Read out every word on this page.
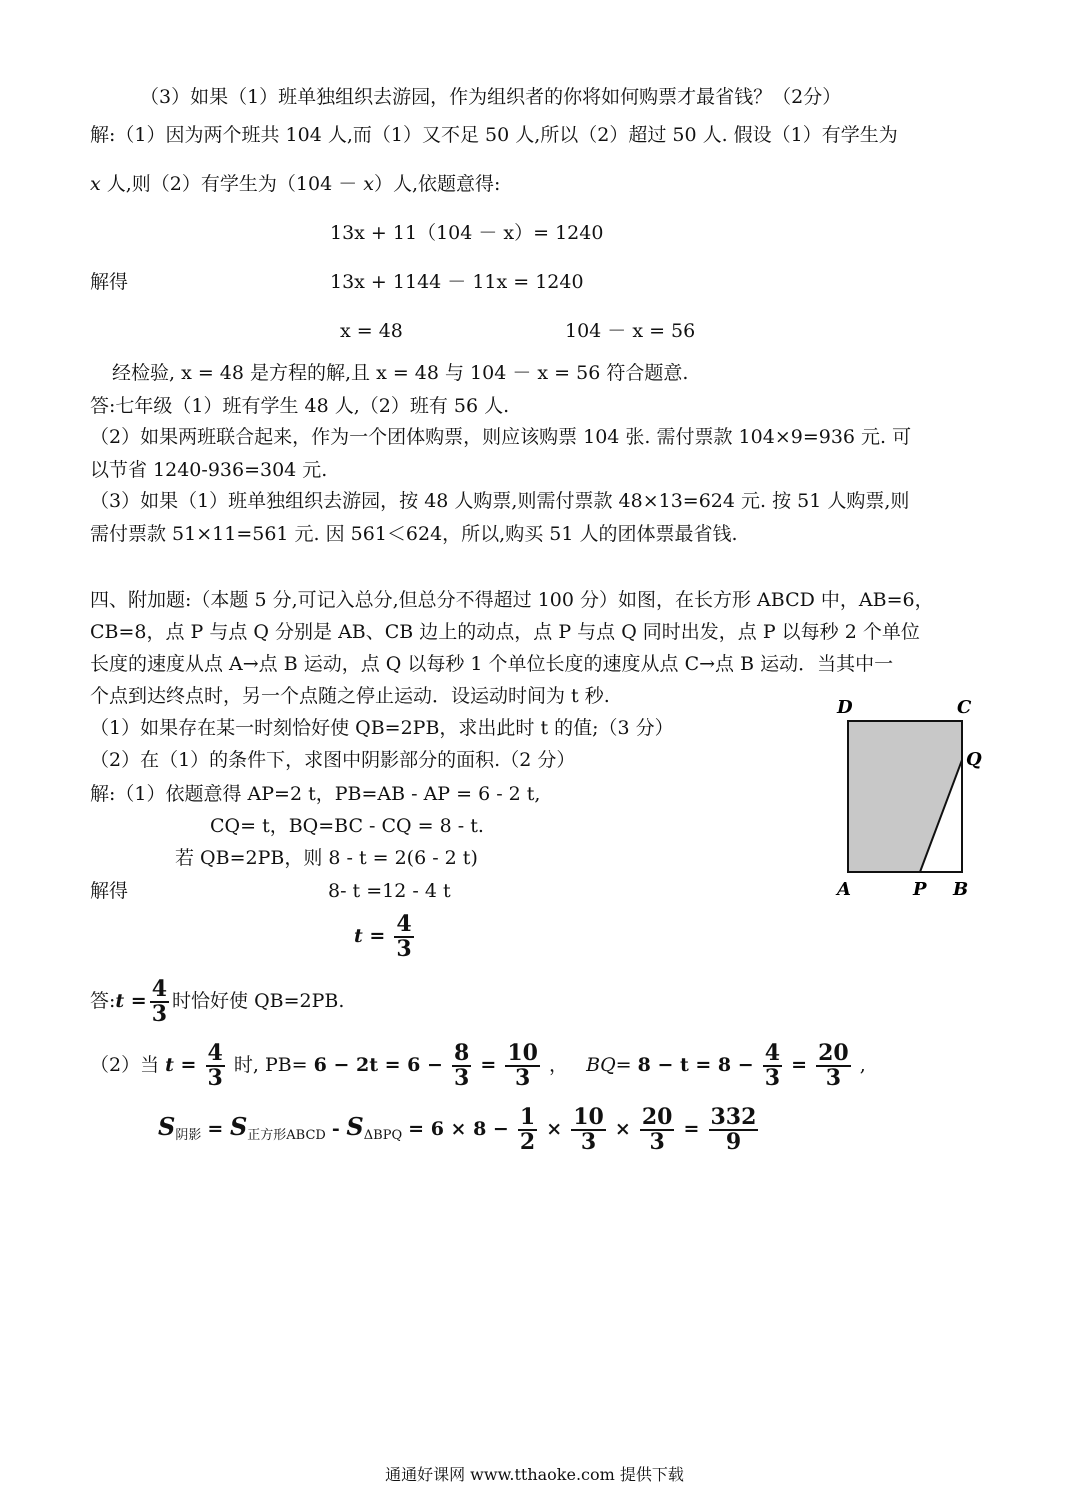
（3）如果（1）班单独组织去游园，作为组织者的你将如何购票才最省钱？（2分）
解:（1）因为两个班共 104 人,而（1）又不足 50 人,所以（2）超过 50 人. 假设（1）有学生为
x 人,则（2）有学生为（104 － x）人,依题意得:
13x + 11（104 － x）= 1240
解得	13x + 1144 － 11x = 1240
x = 48	104 － x = 56
经检验, x = 48 是方程的解,且 x = 48 与 104 － x = 56 符合题意.
答:七年级（1）班有学生 48 人,（2）班有 56 人.
（2）如果两班联合起来，作为一个团体购票，则应该购票 104 张. 需付票款 104×9=936 元. 可
以节省 1240-936=304 元.
（3）如果（1）班单独组织去游园，按 48 人购票,则需付票款 48×13=624 元. 按 51 人购票,则
需付票款 51×11=561 元. 因 561＜624，所以,购买 51 人的团体票最省钱.
四、附加题:（本题 5 分,可记入总分,但总分不得超过 100 分）如图，在长方形 ABCD 中，AB=6，
CB=8，点 P 与点 Q 分别是 AB、CB 边上的动点，点 P 与点 Q 同时出发，点 P 以每秒 2 个单位
长度的速度从点 A→点 B 运动，点 Q 以每秒 1 个单位长度的速度从点 C→点 B 运动．当其中一
个点到达终点时，另一个点随之停止运动．设运动时间为 t 秒.
（1）如果存在某一时刻恰好使 QB=2PB，求出此时 t 的值;（3 分）
（2）在（1）的条件下，求图中阴影部分的面积.（2 分）
解:（1）依题意得 AP=2 t，PB=AB - AP = 6 - 2 t,
CQ= t，BQ=BC - CQ = 8 - t.
若 QB=2PB，则 8 - t = 2(6 - 2 t)
解得	8- t =12 - 4 t
$t = \frac{4}{3}$
答:t = $\frac{4}{3}$ 时恰好使 QB=2PB.
（2）当 $t = \frac{4}{3}$ 时, $PB= 6 - 2t = 6 - \frac{8}{3} = \frac{10}{3}$ ，   $BQ= 8 - t = 8 - \frac{4}{3} = \frac{20}{3}$ ,
$S_{阴影} = S_{正方形ABCD} - S_{\Delta BPQ} = 6 \times 8 - \frac{1}{2} \times \frac{10}{3} \times \frac{20}{3} = \frac{332}{9}$
D	C
Q
A	P B
通通好课网 www.tthaoke.com 提供下载
